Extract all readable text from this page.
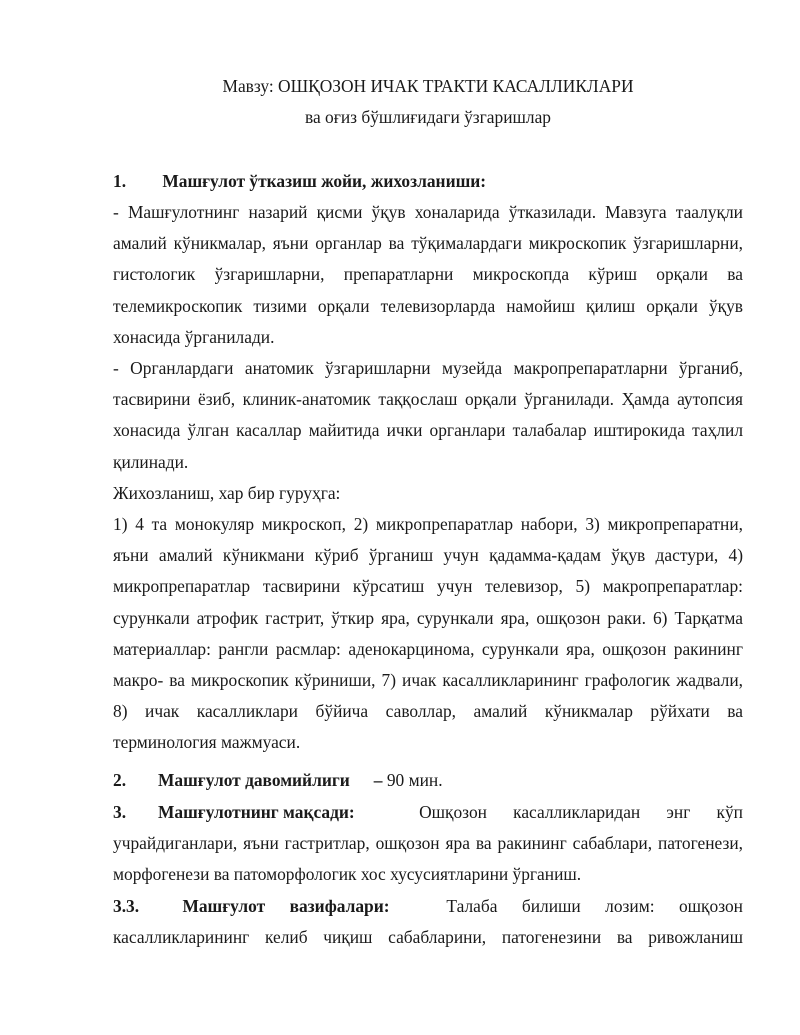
Мавзу: ОШҚОЗОН ИЧАК ТРАКТИ КАСАЛЛИКЛАРИ
ва оғиз бўшлиғидаги ўзгаришлар
1. Машғулот ўтказиш жойи, жихозланиши:

- Машғулотнинг назарий қисми ўқув хоналарида ўтказилади. Мавзуга таалуқли амалий кўникмалар, яъни органлар ва тўқималардаги микроскопик ўзгаришларни, гистологик ўзгаришларни, препаратларни микроскопда кўриш орқали ва телемикроскопик тизими орқали телевизорларда намойиш қилиш орқали ўқув хонасида ўрганилади.

- Органлардаги анатомик ўзгаришларни музейда макропрепаратларни ўрганиб, тасвирини ёзиб, клиник-анатомик таққослаш орқали ўрганилади. Ҳамда аутопсия хонасида ўлган касаллар майитида ички органлари талабалар иштирокида таҳлил қилинади.

Жихозланиш, хар бир гуруҳга:

1) 4 та монокуляр микроскоп, 2) микропрепаратлар набори, 3) микропрепаратни, яъни амалий кўникмани кўриб ўрганиш учун қадамма-қадам ўқув дастури, 4) микропрепаратлар тасвирини кўрсатиш учун телевизор, 5) макропрепаратлар: сурункали атрофик гастрит, ўткир яра, сурункали яра, ошқозон раки. 6) Тарқатма материаллар: рангли расмлар: аденокарцинома, сурункали яра, ошқозон ракининг макро- ва микроскопик кўриниши, 7) ичак касалликларининг графологик жадвали, 8) ичак касалликлари бўйича саволлар, амалий кўникмалар рўйхати ва терминология мажмуаси.

2. Машғулот давомийлиги – 90 мин.
3. Машғулотнинг мақсади:	Ошқозон касалликларидан энг кўп
учрайдиганлари, яъни гастритлар, ошқозон яра ва ракининг сабаблари, патогенези, морфогенези ва патоморфологик хос хусусиятларини ўрганиш.
3.3.	Машғулот вазифалари:	Талаба билиши лозим: ошқозон
касалликларининг келиб чиқиш сабабларини, патогенезини ва ривожланиш
